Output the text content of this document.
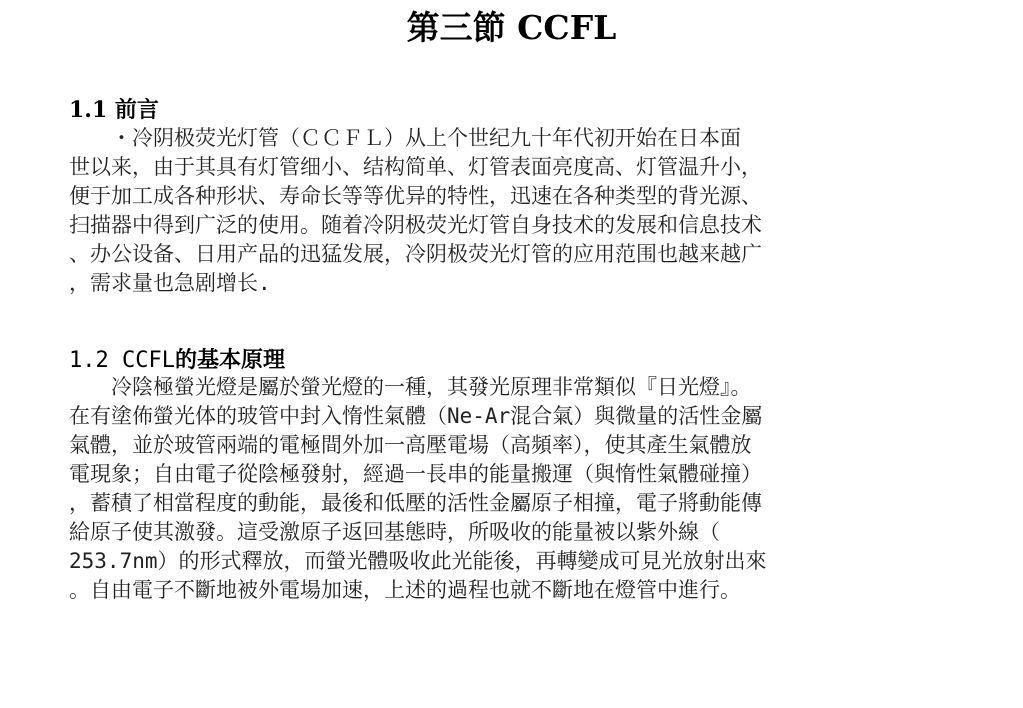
第三節 CCFL
1.1 前言

　　・冷阴极荧光灯管（ＣＣＦＬ）从上个世纪九十年代初开始在日本面
世以来，由于其具有灯管细小、结构简单、灯管表面亮度高、灯管温升小，
便于加工成各种形状、寿命长等等优异的特性，迅速在各种类型的背光源、
扫描器中得到广泛的使用。随着冷阴极荧光灯管自身技术的发展和信息技术
、办公设备、日用产品的迅猛发展，冷阴极荧光灯管的应用范围也越来越广
，需求量也急剧增长.

1.2 CCFL的基本原理

　　冷陰極螢光燈是屬於螢光燈的一種，其發光原理非常類似『日光燈』。
在有塗佈螢光体的玻管中封入惰性氣體（Ne-Ar混合氣）與微量的活性金屬
氣體，並於玻管兩端的電極間外加一高壓電場（高頻率），使其產生氣體放
電現象；自由電子從陰極發射，經過一長串的能量搬運（與惰性氣體碰撞）
，蓄積了相當程度的動能，最後和低壓的活性金屬原子相撞，電子將動能傳
給原子使其激發。這受激原子返回基態時，所吸收的能量被以紫外線（
253.7nm）的形式釋放，而螢光體吸收此光能後，再轉變成可見光放射出來
。自由電子不斷地被外電場加速，上述的過程也就不斷地在燈管中進行。
